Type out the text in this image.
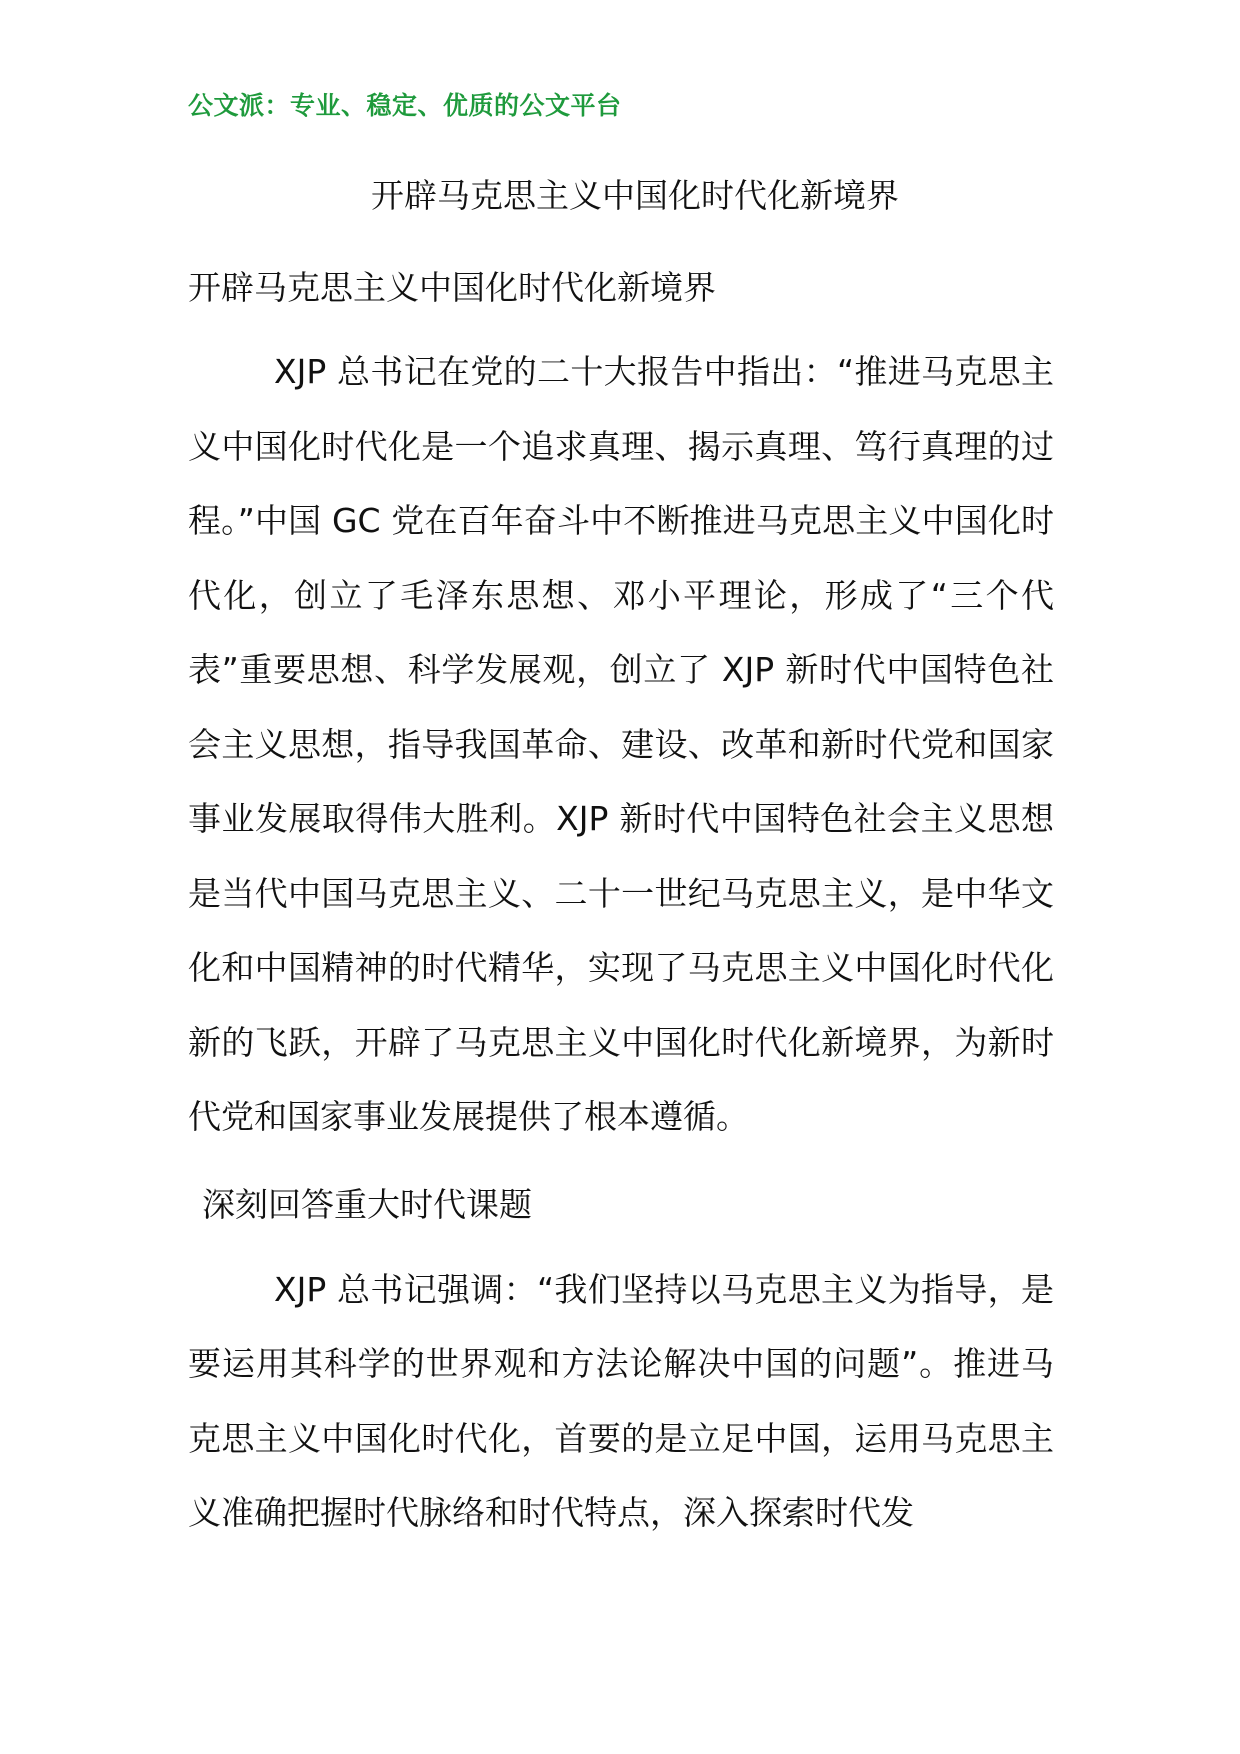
公文派：专业、稳定、优质的公文平台
开辟马克思主义中国化时代化新境界
开辟马克思主义中国化时代化新境界

XJP 总书记在党的二十大报告中指出：“推进马克思主义中国化时代化是一个追求真理、揭示真理、笃行真理的过程。”中国 GC 党在百年奋斗中不断推进马克思主义中国化时代化，创立了毛泽东思想、邓小平理论，形成了“三个代表”重要思想、科学发展观，创立了 XJP 新时代中国特色社会主义思想，指导我国革命、建设、改革和新时代党和国家事业发展取得伟大胜利。XJP 新时代中国特色社会主义思想是当代中国马克思主义、二十一世纪马克思主义，是中华文化和中国精神的时代精华，实现了马克思主义中国化时代化新的飞跃，开辟了马克思主义中国化时代化新境界，为新时代党和国家事业发展提供了根本遵循。

深刻回答重大时代课题

XJP 总书记强调：“我们坚持以马克思主义为指导，是要运用其科学的世界观和方法论解决中国的问题”。推进马克思主义中国化时代化，首要的是立足中国，运用马克思主义准确把握时代脉络和时代特点，深入探索时代发
